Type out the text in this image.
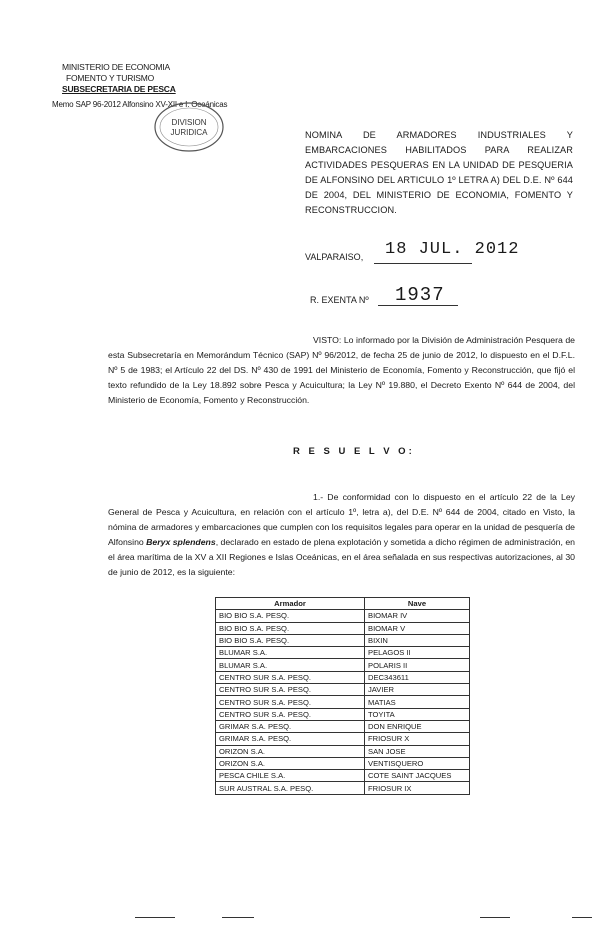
MINISTERIO DE ECONOMIA
FOMENTO Y TURISMO
SUBSECRETARIA DE PESCA
Memo SAP 96-2012 Alfonsino XV-XII e I. Oceánicas
DIVISION
JURIDICA	NOMINA DE ARMADORES INDUSTRIALES Y EMBARCACIONES HABILITADOS PARA REALIZAR ACTIVIDADES PESQUERAS EN LA UNIDAD DE PESQUERIA DE ALFONSINO DEL ARTICULO 1º LETRA A) DEL D.E. Nº 644 DE 2004, DEL MINISTERIO DE ECONOMIA, FOMENTO Y RECONSTRUCCION.
VALPARAISO, 18 JUL. 2012
R. EXENTA Nº 1937
VISTO: Lo informado por la División de Administración Pesquera de esta Subsecretaría en Memorándum Técnico (SAP) Nº 96/2012, de fecha 25 de junio de 2012, lo dispuesto en el D.F.L. Nº 5 de 1983; el Artículo 22 del DS. Nº 430 de 1991 del Ministerio de Economía, Fomento y Reconstrucción, que fijó el texto refundido de la Ley 18.892 sobre Pesca y Acuicultura; la Ley Nº 19.880, el Decreto Exento Nº 644 de 2004, del Ministerio de Economía, Fomento y Reconstrucción.
R E S U E L V O:
1.- De conformidad con lo dispuesto en el artículo 22 de la Ley General de Pesca y Acuicultura, en relación con el artículo 1º, letra a), del D.E. Nº 644 de 2004, citado en Visto, la nómina de armadores y embarcaciones que cumplen con los requisitos legales para operar en la unidad de pesquería de Alfonsino Beryx splendens, declarado en estado de plena explotación y sometida a dicho régimen de administración, en el área marítima de la XV a XII Regiones e Islas Oceánicas, en el área señalada en sus respectivas autorizaciones, al 30 de junio de 2012, es la siguiente:
Armador	Nave
BIO BIO S.A. PESQ.	BIOMAR IV
BIO BIO S.A. PESQ.	BIOMAR V
BIO BIO S.A. PESQ.	BIXIN
BLUMAR S.A.	PELAGOS II
BLUMAR S.A.	POLARIS II
CENTRO SUR S.A. PESQ.	DEC343611
CENTRO SUR S.A. PESQ.	JAVIER
CENTRO SUR S.A. PESQ.	MATIAS
CENTRO SUR S.A. PESQ.	TOYITA
GRIMAR S.A. PESQ.	DON ENRIQUE
GRIMAR S.A. PESQ.	FRIOSUR X
ORIZON S.A.	SAN JOSE
ORIZON S.A.	VENTISQUERO
PESCA CHILE S.A.	COTE SAINT JACQUES
SUR AUSTRAL S.A. PESQ.	FRIOSUR IX
